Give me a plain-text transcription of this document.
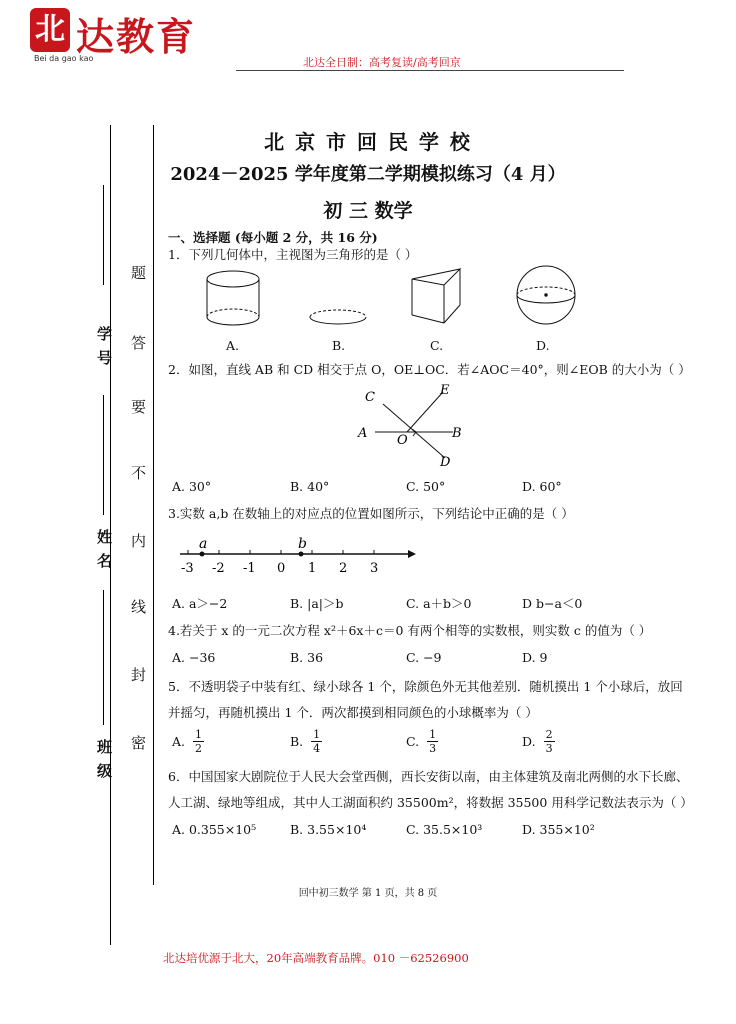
北 达教育
Bei da gao kao	北达全日制：高考复读/高考回京
北 京 市 回 民 学 校
2024－2025 学年度第二学期模拟练习（4 月）
初 三 数学
题
答
要
不
内
线
封
密
学号
姓名
班级
一、选择题 (每小题 2 分，共 16 分)
1．下列几何体中，主视图为三角形的是（ ）
A.	B.	C.	D.
2．如图，直线 AB 和 CD 相交于点 O，OE⊥OC．若∠AOC＝40°，则∠EOB 的大小为（ ）
C	E
A O	B
D
A. 30°	B. 40°	C. 50°	D. 60°
3.实数 a,b 在数轴上的对应点的位置如图所示，下列结论中正确的是（ ）
-3 -2 -1 0 1 2 3
a	b
A. a＞−2	B. |a|＞b	C. a＋b＞0	D b−a＜0
4.若关于 x 的一元二次方程 x²＋6x＋c＝0 有两个相等的实数根，则实数 c 的值为（ ）
A. −36	B. 36	C. −9	D. 9
5．不透明袋子中装有红、绿小球各 1 个，除颜色外无其他差别．随机摸出 1 个小球后，放回
并摇匀，再随机摸出 1 个．两次都摸到相同颜色的小球概率为（ ）
A. $\frac{1}{2}$	B. $\frac{1}{4}$	C. $\frac{1}{3}$	D. $\frac{2}{3}$
6．中国国家大剧院位于人民大会堂西侧，西长安街以南，由主体建筑及南北两侧的水下长廊、
人工湖、绿地等组成，其中人工湖面积约 35500m²，将数据 35500 用科学记数法表示为（ ）
A. 0.355×10⁵	B. 3.55×10⁴	C. 35.5×10³	D. 355×10²
回中初三数学 第 1 页，共 8 页
北达培优源于北大，20年高端教育品牌。010 －62526900
